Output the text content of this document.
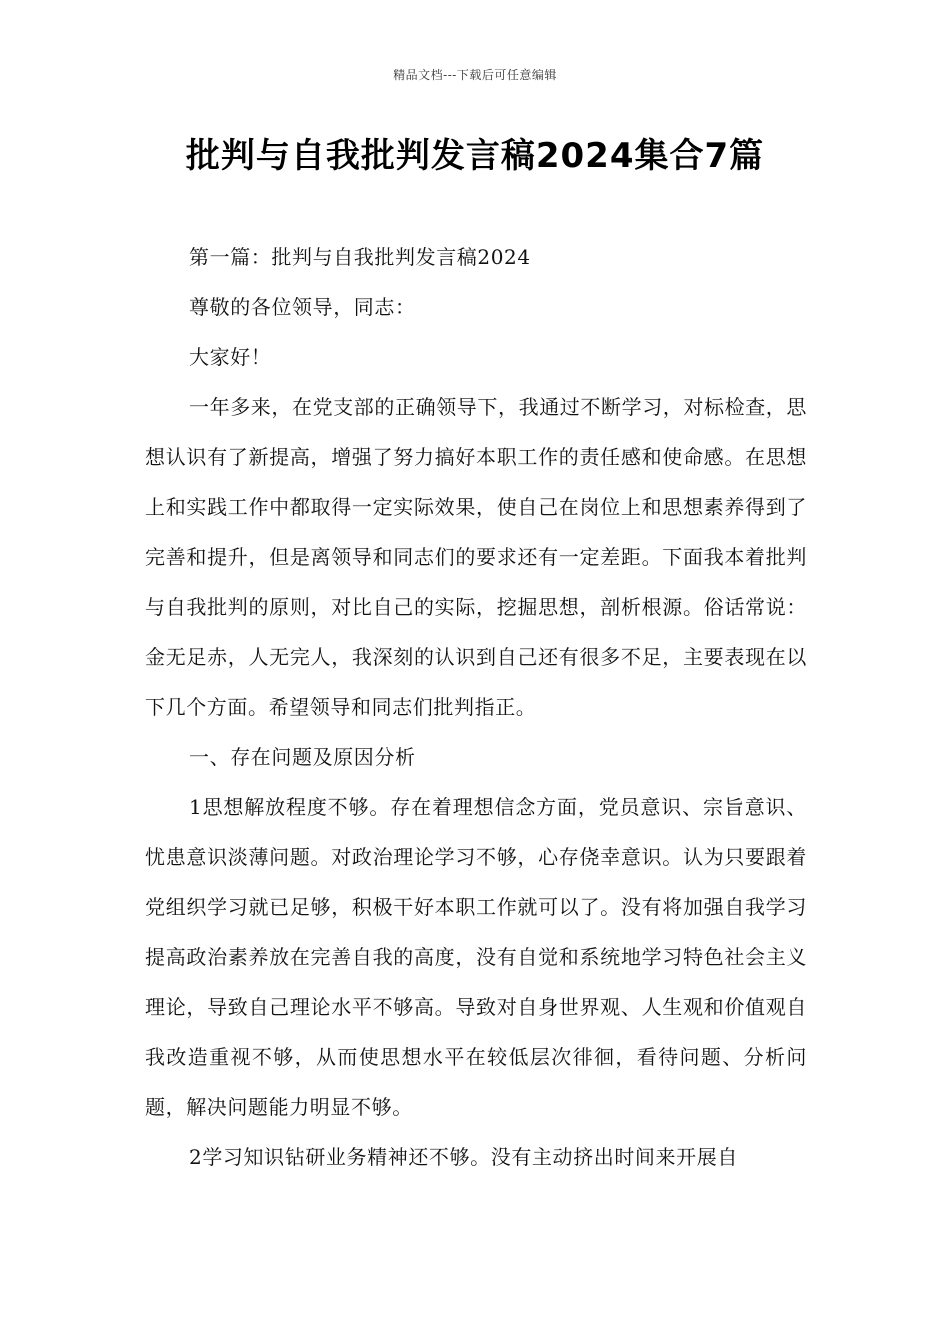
精品文档---下载后可任意编辑
批判与自我批判发言稿2024集合7篇

第一篇：批判与自我批判发言稿2024

尊敬的各位领导，同志：

大家好！

一年多来，在党支部的正确领导下，我通过不断学习，对标检查，思想认识有了新提高，增强了努力搞好本职工作的责任感和使命感。在思想上和实践工作中都取得一定实际效果，使自己在岗位上和思想素养得到了完善和提升，但是离领导和同志们的要求还有一定差距。下面我本着批判与自我批判的原则，对比自己的实际，挖掘思想，剖析根源。俗话常说：金无足赤，人无完人，我深刻的认识到自己还有很多不足，主要表现在以下几个方面。希望领导和同志们批判指正。

一、存在问题及原因分析

1思想解放程度不够。存在着理想信念方面，党员意识、宗旨意识、忧患意识淡薄问题。对政治理论学习不够，心存侥幸意识。认为只要跟着党组织学习就已足够，积极干好本职工作就可以了。没有将加强自我学习提高政治素养放在完善自我的高度，没有自觉和系统地学习特色社会主义理论，导致自己理论水平不够高。导致对自身世界观、人生观和价值观自我改造重视不够，从而使思想水平在较低层次徘徊，看待问题、分析问题，解决问题能力明显不够。

2学习知识钻研业务精神还不够。没有主动挤出时间来开展自
